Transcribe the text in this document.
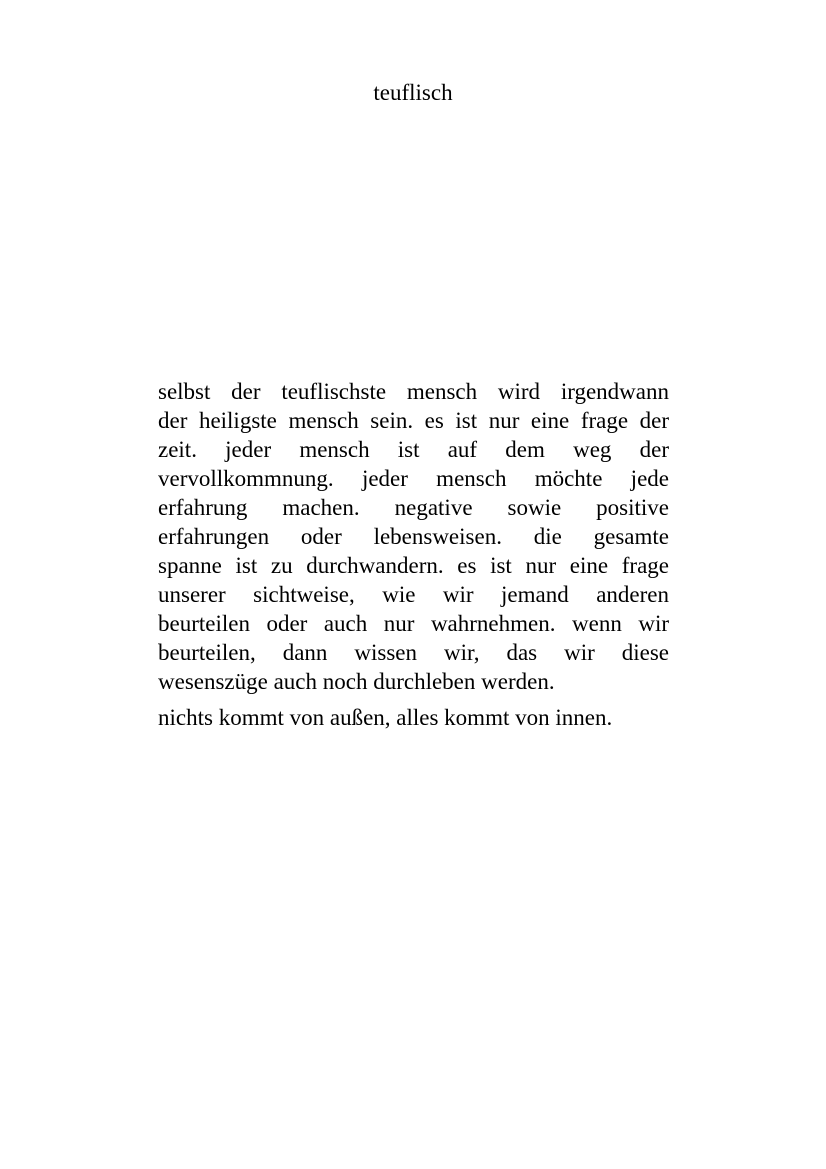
teuflisch
selbst der teuflischste mensch wird irgendwann
der heiligste mensch sein. es ist nur eine frage der
zeit. jeder mensch ist auf dem weg der
vervollkommnung. jeder mensch möchte jede
erfahrung machen. negative sowie positive
erfahrungen oder lebensweisen. die gesamte
spanne ist zu durchwandern. es ist nur eine frage
unserer sichtweise, wie wir jemand anderen
beurteilen oder auch nur wahrnehmen. wenn wir
beurteilen, dann wissen wir, das wir diese
wesenszüge auch noch durchleben werden.

nichts kommt von außen, alles kommt von innen.
